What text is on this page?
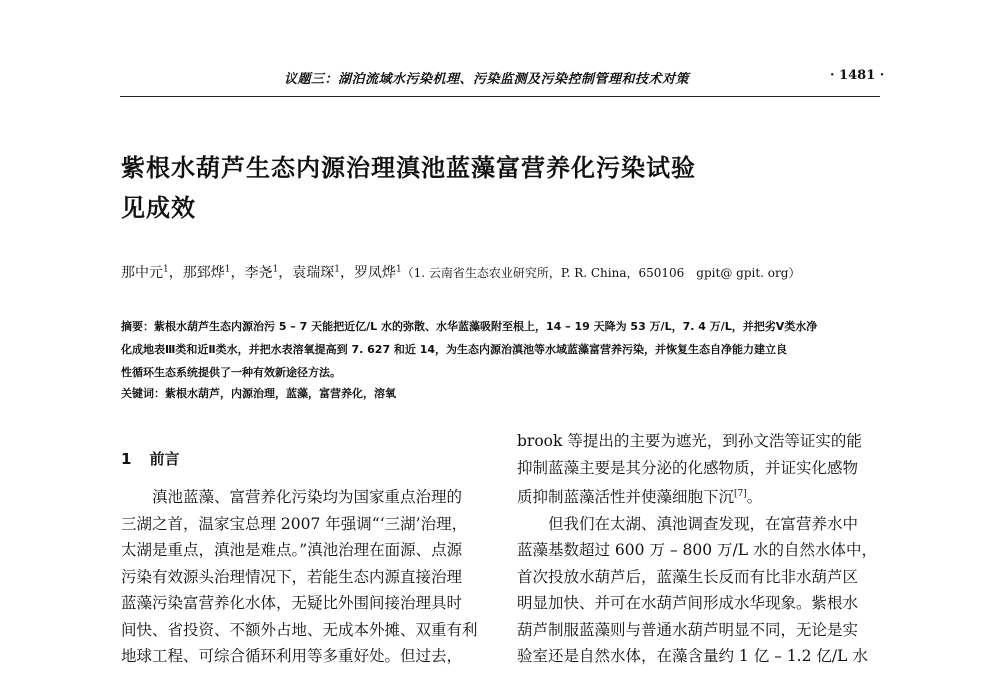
议题三：湖泊流域水污染机理、污染监测及污染控制管理和技术对策	· 1481 ·
紫根水葫芦生态内源治理滇池蓝藻富营养化污染试验
见成效
那中元$^1$，那郅烨$^1$，李尧$^1$，袁瑞琛$^1$，罗凤烨$^1$（1. 云南省生态农业研究所，P. R. China，650106　gpit@ gpit. org）
摘要：紫根水葫芦生态内源治污 5 – 7 天能把近亿/L 水的弥散、水华蓝藻吸附至根上，14 – 19 天降为 53 万/L，7. 4 万/L，并把劣Ⅴ类水净
化成地表Ⅲ类和近Ⅱ类水，并把水表溶氧提高到 7. 627 和近 14，为生态内源治滇池等水域蓝藻富营养污染，并恢复生态自净能力建立良
性循环生态系统提供了一种有效新途径方法。
关键词：紫根水葫芦，内源治理，蓝藻，富营养化，溶氧
1 前言
　　滇池蓝藻、富营养化污染均为国家重点治理的
三湖之首，温家宝总理 2007 年强调“‘三湖’治理，
太湖是重点，滇池是难点。”滇池治理在面源、点源
污染有效源头治理情况下，若能生态内源直接治理
蓝藻污染富营养化水体，无疑比外围间接治理具时
间快、省投资、不额外占地、无成本外摊、双重有利
地球工程、可综合循环利用等多重好处。但过去，
brook 等提出的主要为遮光，到孙文浩等证实的能
抑制蓝藻主要是其分泌的化感物质，并证实化感物
质抑制蓝藻活性并使藻细胞下沉[7]。
　　但我们在太湖、滇池调查发现，在富营养水中
蓝藻基数超过 600 万 – 800 万/L 水的自然水体中，
首次投放水葫芦后，蓝藻生长反而有比非水葫芦区
明显加快、并可在水葫芦间形成水华现象。紫根水
葫芦制服蓝藻则与普通水葫芦明显不同，无论是实
验室还是自然水体，在藻含量约 1 亿 – 1.2 亿/L 水
